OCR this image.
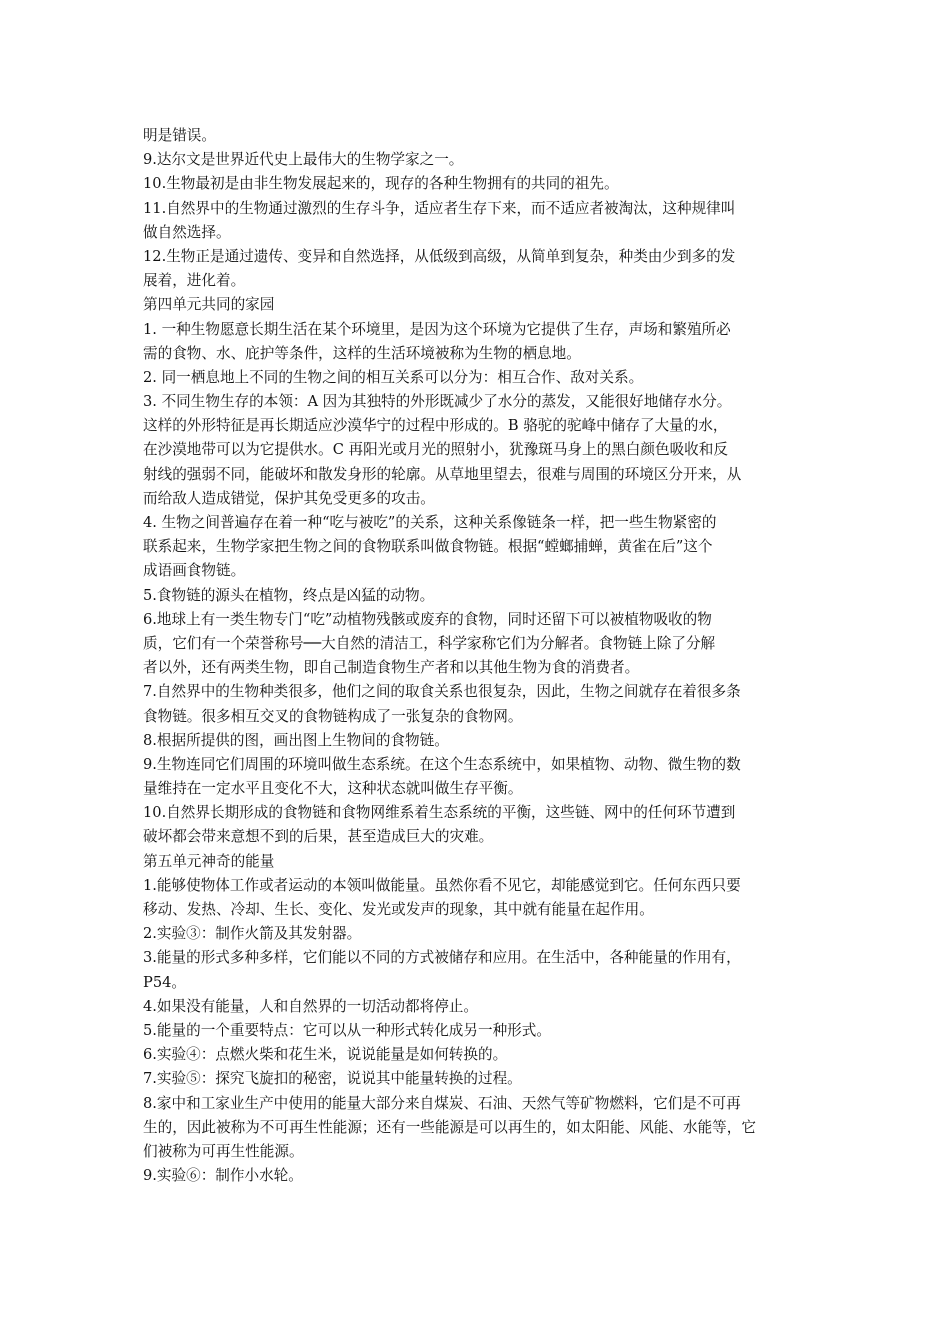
明是错误。
9.达尔文是世界近代史上最伟大的生物学家之一。
10.生物最初是由非生物发展起来的，现存的各种生物拥有的共同的祖先。
11.自然界中的生物通过激烈的生存斗争，适应者生存下来，而不适应者被淘汰，这种规律叫
做自然选择。
12.生物正是通过遗传、变异和自然选择，从低级到高级，从简单到复杂，种类由少到多的发
展着，进化着。
第四单元共同的家园
1. 一种生物愿意长期生活在某个环境里，是因为这个环境为它提供了生存，声场和繁殖所必
需的食物、水、庇护等条件，这样的生活环境被称为生物的栖息地。
2. 同一栖息地上不同的生物之间的相互关系可以分为：相互合作、敌对关系。
3. 不同生物生存的本领：A 因为其独特的外形既减少了水分的蒸发，又能很好地储存水分。
这样的外形特征是再长期适应沙漠华宁的过程中形成的。B 骆驼的驼峰中储存了大量的水，
在沙漠地带可以为它提供水。C 再阳光或月光的照射小，犹豫斑马身上的黑白颜色吸收和反
射线的强弱不同，能破坏和散发身形的轮廓。从草地里望去，很难与周围的环境区分开来，从
而给敌人造成错觉，保护其免受更多的攻击。
4. 生物之间普遍存在着一种“吃与被吃”的关系，这种关系像链条一样，把一些生物紧密的
联系起来，生物学家把生物之间的食物联系叫做食物链。根据“螳螂捕蝉，黄雀在后”这个
成语画食物链。
5.食物链的源头在植物，终点是凶猛的动物。
6.地球上有一类生物专门“吃”动植物残骸或废弃的食物，同时还留下可以被植物吸收的物
质，它们有一个荣誉称号──大自然的清洁工，科学家称它们为分解者。食物链上除了分解
者以外，还有两类生物，即自己制造食物生产者和以其他生物为食的消费者。
7.自然界中的生物种类很多，他们之间的取食关系也很复杂，因此，生物之间就存在着很多条
食物链。很多相互交叉的食物链构成了一张复杂的食物网。
8.根据所提供的图，画出图上生物间的食物链。
9.生物连同它们周围的环境叫做生态系统。在这个生态系统中，如果植物、动物、微生物的数
量维持在一定水平且变化不大，这种状态就叫做生存平衡。
10.自然界长期形成的食物链和食物网维系着生态系统的平衡，这些链、网中的任何环节遭到
破坏都会带来意想不到的后果，甚至造成巨大的灾难。
第五单元神奇的能量
1.能够使物体工作或者运动的本领叫做能量。虽然你看不见它，却能感觉到它。任何东西只要
移动、发热、冷却、生长、变化、发光或发声的现象，其中就有能量在起作用。
2.实验③：制作火箭及其发射器。
3.能量的形式多种多样，它们能以不同的方式被储存和应用。在生活中，各种能量的作用有，
P54。
4.如果没有能量，人和自然界的一切活动都将停止。
5.能量的一个重要特点：它可以从一种形式转化成另一种形式。
6.实验④：点燃火柴和花生米，说说能量是如何转换的。
7.实验⑤：探究飞旋扣的秘密，说说其中能量转换的过程。
8.家中和工家业生产中使用的能量大部分来自煤炭、石油、天然气等矿物燃料，它们是不可再
生的，因此被称为不可再生性能源；还有一些能源是可以再生的，如太阳能、风能、水能等，它
们被称为可再生性能源。
9.实验⑥：制作小水轮。
